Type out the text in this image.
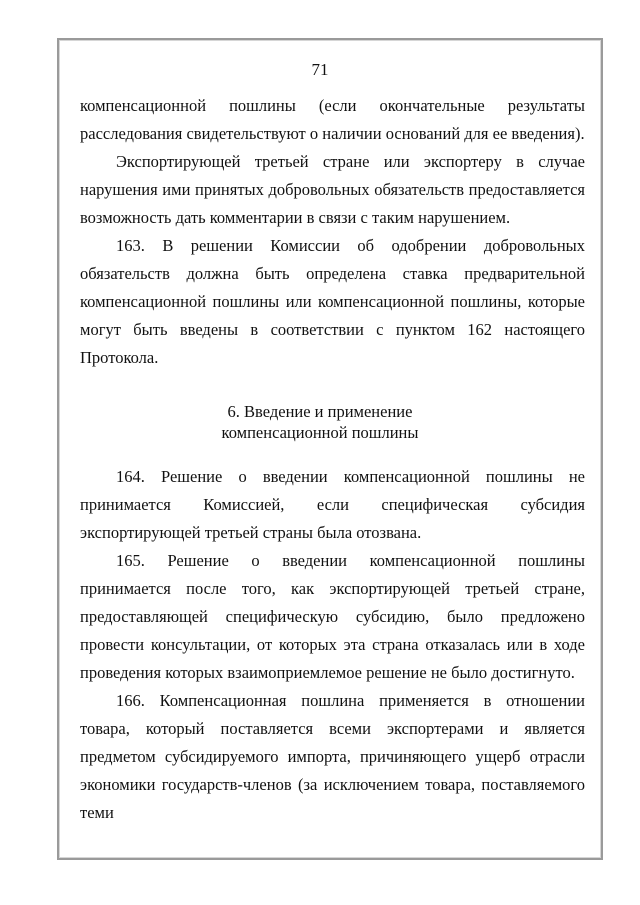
71

компенсационной пошлины (если окончательные результаты расследования свидетельствуют о наличии оснований для ее введения).

Экспортирующей третьей стране или экспортеру в случае нарушения ими принятых добровольных обязательств предоставляется возможность дать комментарии в связи с таким нарушением.

163. В решении Комиссии об одобрении добровольных обязательств должна быть определена ставка предварительной компенсационной пошлины или компенсационной пошлины, которые могут быть введены в соответствии с пунктом 162 настоящего Протокола.

6. Введение и применение
компенсационной пошлины

164. Решение о введении компенсационной пошлины не принимается Комиссией, если специфическая субсидия экспортирующей третьей страны была отозвана.

165. Решение о введении компенсационной пошлины принимается после того, как экспортирующей третьей стране, предоставляющей специфическую субсидию, было предложено провести консультации, от которых эта страна отказалась или в ходе проведения которых взаимоприемлемое решение не было достигнуто.

166. Компенсационная пошлина применяется в отношении товара, который поставляется всеми экспортерами и является предметом субсидируемого импорта, причиняющего ущерб отрасли экономики государств-членов (за исключением товара, поставляемого теми
